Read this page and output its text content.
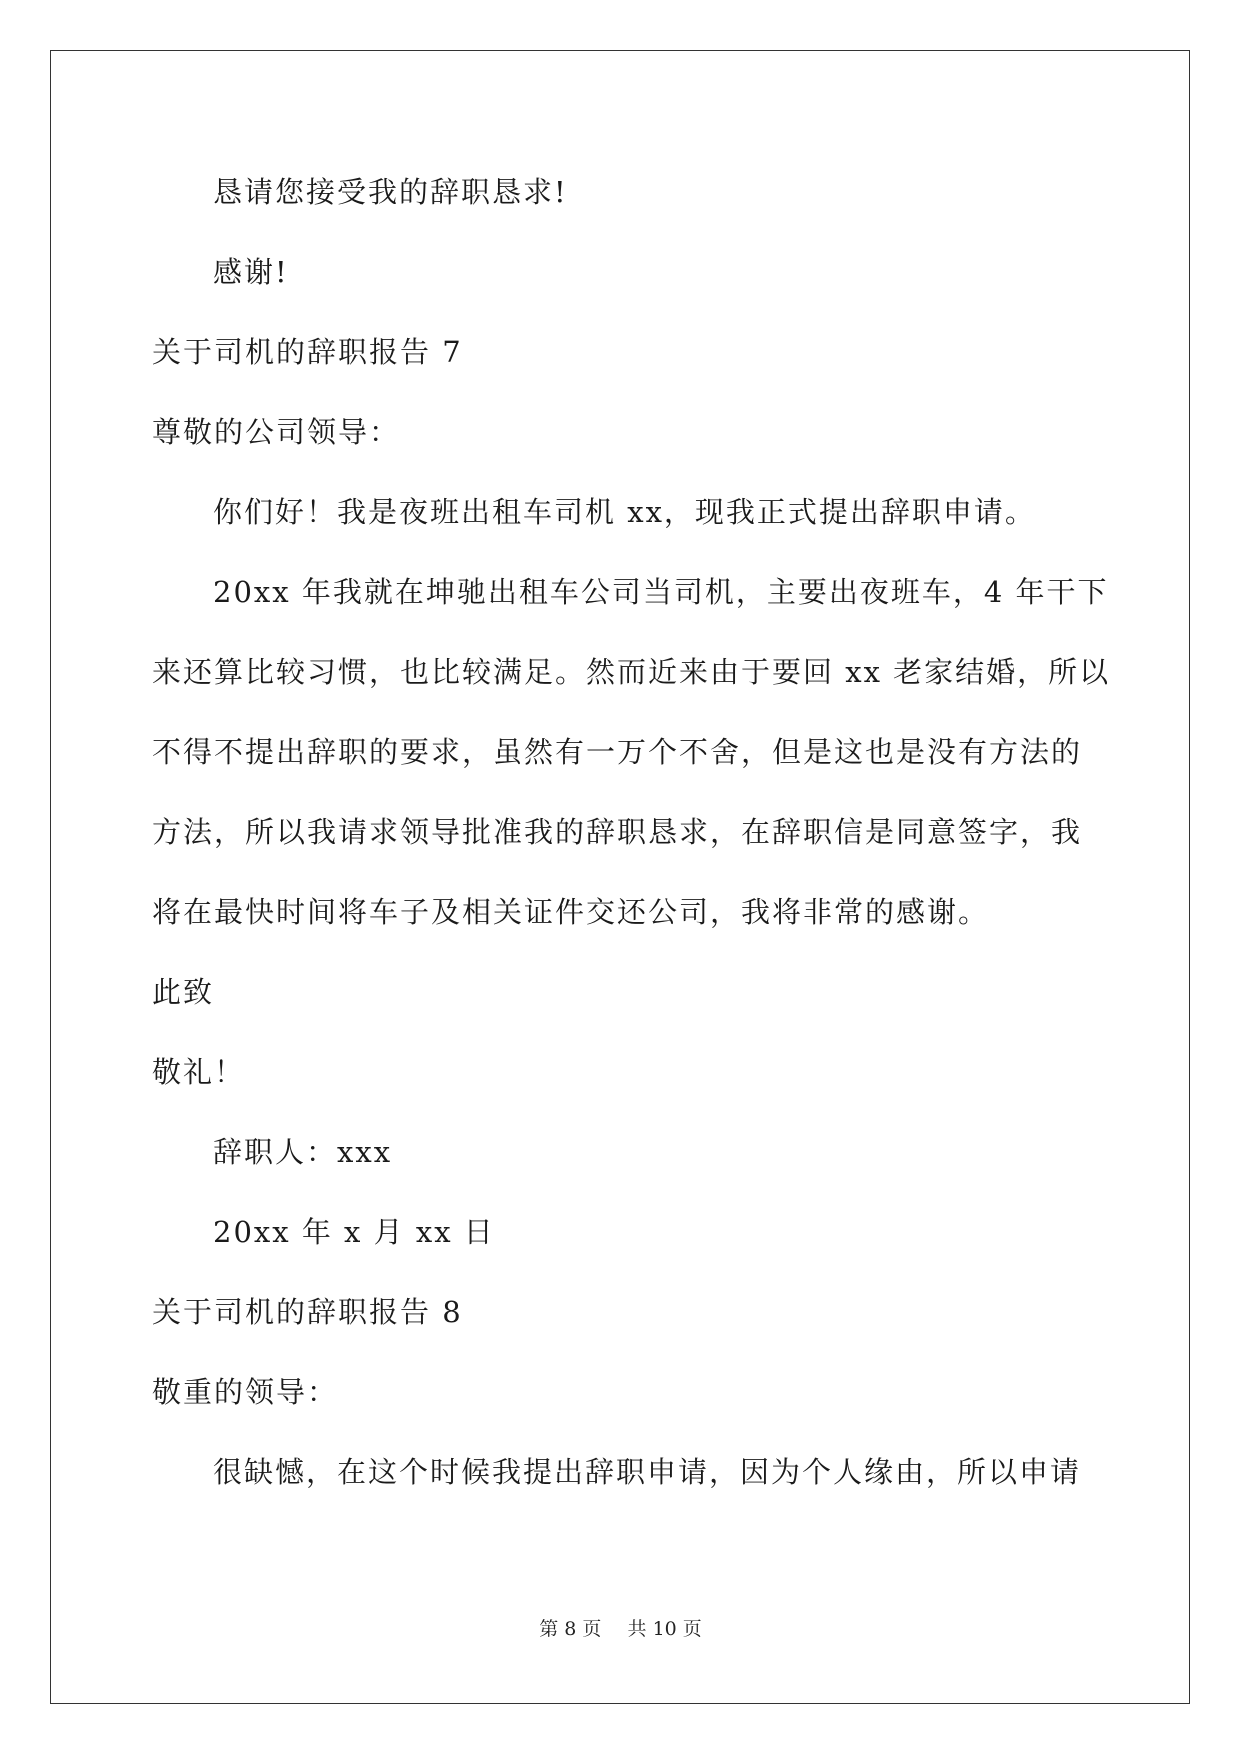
恳请您接受我的辞职恳求!
感谢!
关于司机的辞职报告 7
尊敬的公司领导：
你们好！我是夜班出租车司机 xx，现我正式提出辞职申请。
20xx 年我就在坤驰出租车公司当司机，主要出夜班车，4 年干下
来还算比较习惯，也比较满足。然而近来由于要回 xx 老家结婚，所以
不得不提出辞职的要求，虽然有一万个不舍，但是这也是没有方法的
方法，所以我请求领导批准我的辞职恳求，在辞职信是同意签字，我
将在最快时间将车子及相关证件交还公司，我将非常的感谢。
此致
敬礼！
辞职人：xxx
20xx 年 x 月 xx 日
关于司机的辞职报告 8
敬重的领导：
很缺憾，在这个时候我提出辞职申请，因为个人缘由，所以申请
第 8 页 共 10 页
